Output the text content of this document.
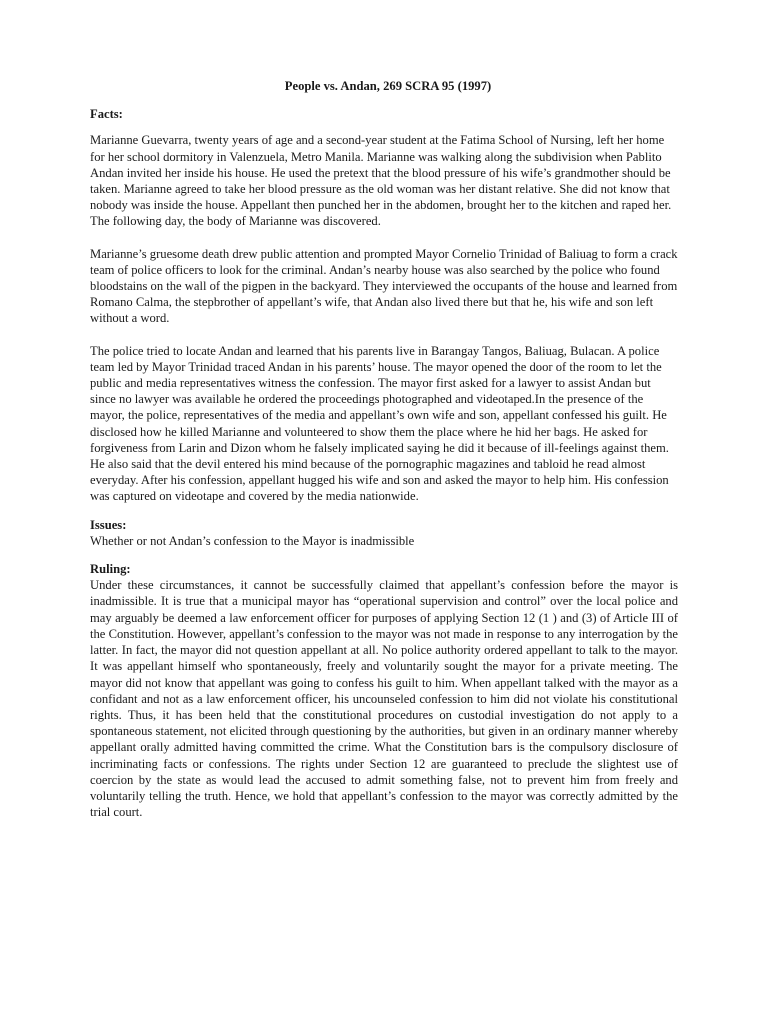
People vs. Andan, 269 SCRA 95 (1997)
Facts:

Marianne Guevarra, twenty years of age and a second-year student at the Fatima School of Nursing, left her home for her school dormitory in Valenzuela, Metro Manila. Marianne was walking along the subdivision when Pablito Andan invited her inside his house. He used the pretext that the blood pressure of his wife’s grandmother should be taken. Marianne agreed to take her blood pressure as the old woman was her distant relative. She did not know that nobody was inside the house. Appellant then punched her in the abdomen, brought her to the kitchen and raped her. The following day, the body of Marianne was discovered.

Marianne’s gruesome death drew public attention and prompted Mayor Cornelio Trinidad of Baliuag to form a crack team of police officers to look for the criminal. Andan’s nearby house was also searched by the police who found bloodstains on the wall of the pigpen in the backyard. They interviewed the occupants of the house and learned from Romano Calma, the stepbrother of appellant’s wife, that Andan also lived there but that he, his wife and son left without a word.

The police tried to locate Andan and learned that his parents live in Barangay Tangos, Baliuag, Bulacan. A police team led by Mayor Trinidad traced Andan in his parents’ house. The mayor opened the door of the room to let the public and media representatives witness the confession. The mayor first asked for a lawyer to assist Andan but since no lawyer was available he ordered the proceedings photographed and videotaped.In the presence of the mayor, the police, representatives of the media and appellant’s own wife and son, appellant confessed his guilt. He disclosed how he killed Marianne and volunteered to show them the place where he hid her bags. He asked for forgiveness from Larin and Dizon whom he falsely implicated saying he did it because of ill-feelings against them. He also said that the devil entered his mind because of the pornographic magazines and tabloid he read almost everyday. After his confession, appellant hugged his wife and son and asked the mayor to help him. His confession was captured on videotape and covered by the media nationwide.

Issues:
Whether or not Andan’s confession to the Mayor is inadmissible
Ruling:

Under these circumstances, it cannot be successfully claimed that appellant’s confession before the mayor is inadmissible. It is true that a municipal mayor has “operational supervision and control” over the local police and may arguably be deemed a law enforcement officer for purposes of applying Section 12 (1 ) and (3) of Article III of the Constitution. However, appellant’s confession to the mayor was not made in response to any interrogation by the latter. In fact, the mayor did not question appellant at all. No police authority ordered appellant to talk to the mayor. It was appellant himself who spontaneously, freely and voluntarily sought the mayor for a private meeting. The mayor did not know that appellant was going to confess his guilt to him. When appellant talked with the mayor as a confidant and not as a law enforcement officer, his uncounseled confession to him did not violate his constitutional rights. Thus, it has been held that the constitutional procedures on custodial investigation do not apply to a spontaneous statement, not elicited through questioning by the authorities, but given in an ordinary manner whereby appellant orally admitted having committed the crime. What the Constitution bars is the compulsory disclosure of incriminating facts or confessions. The rights under Section 12 are guaranteed to preclude the slightest use of coercion by the state as would lead the accused to admit something false, not to prevent him from freely and voluntarily telling the truth. Hence, we hold that appellant’s confession to the mayor was correctly admitted by the trial court.
